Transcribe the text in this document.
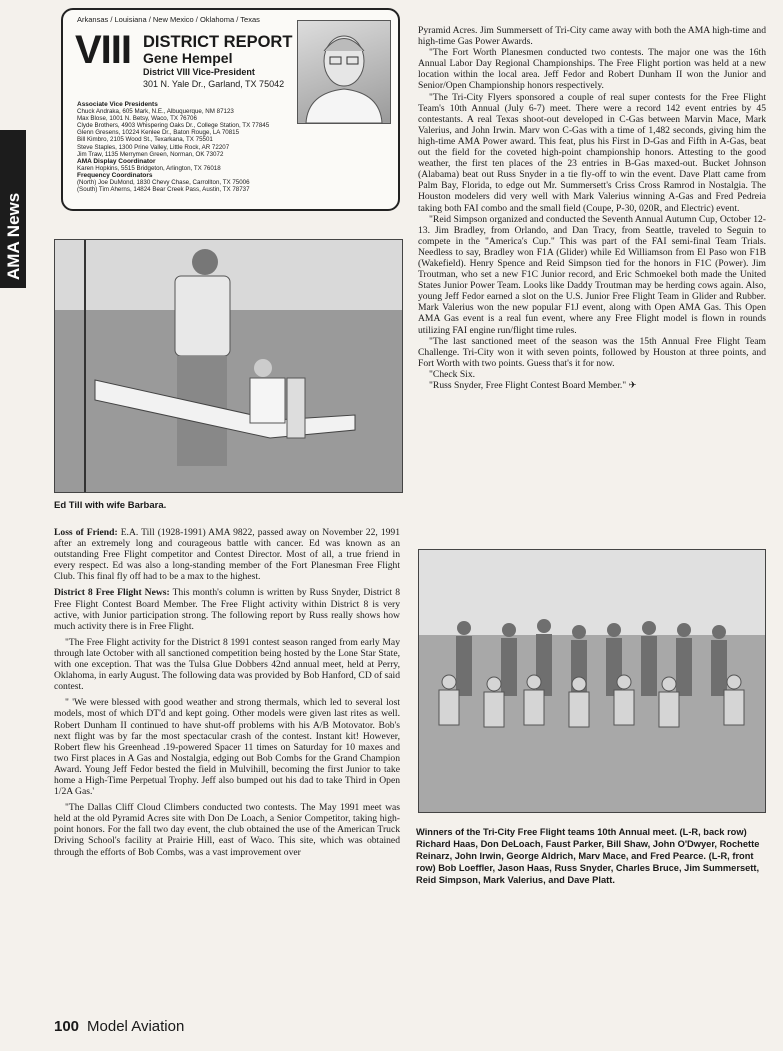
AMA News
Arkansas / Louisiana / New Mexico / Oklahoma / Texas
VIII DISTRICT REPORT
Gene Hempel
District VIII Vice-President
301 N. Yale Dr., Garland, TX 75042
Associate Vice Presidents
Chuck Andraka, 605 Mark, N.E., Albuquerque, NM 87123
Max Blose, 1001 N. Betsy, Waco, TX 76706
Clyde Brothers, 4903 Whispering Oaks Dr., College Station, TX 77845
Glenn Gresens, 10224 Kenlee Dr., Baton Rouge, LA 70815
Bill Kimbro, 2105 Wood St., Texarkana, TX 75501
Steve Staples, 1300 Prine Valley, Little Rock, AR 72207
Jim Traw, 1135 Merrymen Green, Norman, OK 73072
AMA Display Coordinator
Karen Hopkins, 5515 Bridgeton, Arlington, TX 76018
Frequency Coordinators
(North) Joe DuMond, 1830 Chevy Chase, Carrollton, TX 75006
(South) Tim Aherns, 14824 Bear Creek Pass, Austin, TX 78737
Ed Till with wife Barbara.

Loss of Friend: E.A. Till (1928-1991) AMA 9822, passed away on November 22, 1991 after an extremely long and courageous battle with cancer. Ed was known as an outstanding Free Flight competitor and Contest Director. Most of all, a true friend in every respect. Ed was also a long-standing member of the Fort Planesman Free Flight Club. This final fly off had to be a max to the highest.

District 8 Free Flight News: This month's column is written by Russ Snyder, District 8 Free Flight Contest Board Member. The Free Flight activity within District 8 is very active, with Junior participation strong. The following report by Russ really shows how much activity there is in Free Flight.

"The Free Flight activity for the District 8 1991 contest season ranged from early May through late October with all sanctioned competition being hosted by the Lone Star State, with one exception. That was the Tulsa Glue Dobbers 42nd annual meet, held at Perry, Oklahoma, in early August. The following data was provided by Bob Hanford, CD of said contest.

" 'We were blessed with good weather and strong thermals, which led to several lost models, most of which DT'd and kept going. Other models were given last rites as well. Robert Dunham II continued to have shut-off problems with his A/B Motovator. Bob's next flight was by far the most spectacular crash of the contest. Instant kit! However, Robert flew his Greenhead .19-powered Spacer 11 times on Saturday for 10 maxes and two First places in A Gas and Nostalgia, edging out Bob Combs for the Grand Champion Award. Young Jeff Fedor bested the field in Mulvihill, becoming the first Junior to take home a High-Time Perpetual Trophy. Jeff also bumped out his dad to take Third in Open 1/2A Gas.'

"The Dallas Cliff Cloud Climbers conducted two contests. The May 1991 meet was held at the old Pyramid Acres site with Don De Loach, a Senior Competitor, taking high-point honors. For the fall two day event, the club obtained the use of the American Truck Driving School's facility at Prairie Hill, east of Waco. This site, which was obtained through the efforts of Bob Combs, was a vast improvement over

Pyramid Acres. Jim Summersett of Tri-City came away with both the AMA high-time and high-time Gas Power Awards.

"The Fort Worth Planesmen conducted two contests. The major one was the 16th Annual Labor Day Regional Championships. The Free Flight portion was held at a new location within the local area. Jeff Fedor and Robert Dunham II won the Junior and Senior/Open Championship honors respectively.

"The Tri-City Flyers sponsored a couple of real super contests for the Free Flight Team's 10th Annual (July 6-7) meet. There were a record 142 event entries by 45 contestants. A real Texas shoot-out developed in C-Gas between Marvin Mace, Mark Valerius, and John Irwin. Marv won C-Gas with a time of 1,482 seconds, giving him the high-time AMA Power award. This feat, plus his First in D-Gas and Fifth in A-Gas, beat out the field for the coveted high-point championship honors. Attesting to the good weather, the first ten places of the 23 entries in B-Gas maxed-out. Bucket Johnson (Alabama) beat out Russ Snyder in a tie fly-off to win the event. Dave Platt came from Palm Bay, Florida, to edge out Mr. Summersett's Criss Cross Ramrod in Nostalgia. The Houston modelers did very well with Mark Valerius winning A-Gas and Fred Pedreia taking both FAI combo and the small field (Coupe, P-30, 020R, and Electric) event.

"Reid Simpson organized and conducted the Seventh Annual Autumn Cup, October 12-13. Jim Bradley, from Orlando, and Dan Tracy, from Seattle, traveled to Seguin to compete in the "America's Cup." This was part of the FAI semi-final Team Trials. Needless to say, Bradley won F1A (Glider) while Ed Williamson from El Paso won F1B (Wakefield). Henry Spence and Reid Simpson tied for the honors in F1C (Power). Jim Troutman, who set a new F1C Junior record, and Eric Schmoekel both made the United States Junior Power Team. Looks like Daddy Troutman may be herding cows again. Also, young Jeff Fedor earned a slot on the U.S. Junior Free Flight Team in Glider and Rubber. Mark Valerius won the new popular F1J event, along with Open AMA Gas. This Open AMA Gas event is a real fun event, where any Free Flight model is flown in rounds utilizing FAI engine run/flight time rules.

"The last sanctioned meet of the season was the 15th Annual Free Flight Team Challenge. Tri-City won it with seven points, followed by Houston at three points, and Fort Worth with two points. Guess that's it for now.

"Check Six.

"Russ Snyder, Free Flight Contest Board Member." ✈

Winners of the Tri-City Free Flight teams 10th Annual meet. (L-R, back row) Richard Haas, Don DeLoach, Faust Parker, Bill Shaw, John O'Dwyer, Rochette Reinarz, John Irwin, George Aldrich, Marv Mace, and Fred Pearce. (L-R, front row) Bob Loeffler, Jason Haas, Russ Snyder, Charles Bruce, Jim Summersett, Reid Simpson, Mark Valerius, and Dave Platt.
100 Model Aviation
